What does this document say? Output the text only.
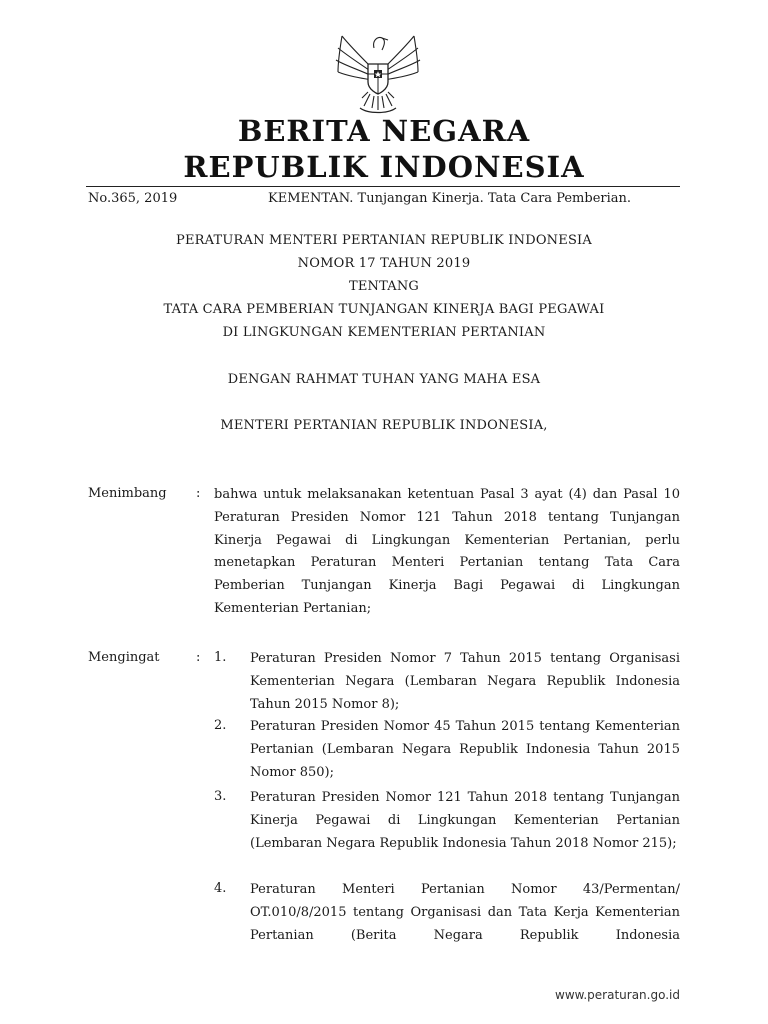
BERITA NEGARA
REPUBLIK INDONESIA
No.365, 2019	KEMENTAN. Tunjangan Kinerja. Tata Cara Pemberian.
PERATURAN MENTERI PERTANIAN REPUBLIK INDONESIA
NOMOR 17 TAHUN 2019
TENTANG
TATA CARA PEMBERIAN TUNJANGAN KINERJA BAGI PEGAWAI
DI LINGKUNGAN KEMENTERIAN PERTANIAN
DENGAN RAHMAT TUHAN YANG MAHA ESA
MENTERI PERTANIAN REPUBLIK INDONESIA,
Menimbang : bahwa untuk melaksanakan ketentuan Pasal 3 ayat (4) dan Pasal 10 Peraturan Presiden Nomor 121 Tahun 2018 tentang Tunjangan Kinerja Pegawai di Lingkungan Kementerian Pertanian, perlu menetapkan Peraturan Menteri Pertanian tentang Tata Cara Pemberian Tunjangan Kinerja Bagi Pegawai di Lingkungan Kementerian Pertanian;
Mengingat	: 1. Peraturan Presiden Nomor 7 Tahun 2015 tentang Organisasi Kementerian Negara (Lembaran Negara Republik Indonesia Tahun 2015 Nomor 8);
2. Peraturan Presiden Nomor 45 Tahun 2015 tentang Kementerian Pertanian (Lembaran Negara Republik Indonesia Tahun 2015 Nomor 850);
3. Peraturan Presiden Nomor 121 Tahun 2018 tentang Tunjangan Kinerja Pegawai di Lingkungan Kementerian Pertanian (Lembaran Negara Republik Indonesia Tahun 2018 Nomor 215);
4. Peraturan Menteri Pertanian Nomor 43/Permentan/ OT.010/8/2015 tentang Organisasi dan Tata Kerja Kementerian Pertanian (Berita Negara Republik Indonesia
www.peraturan.go.id
